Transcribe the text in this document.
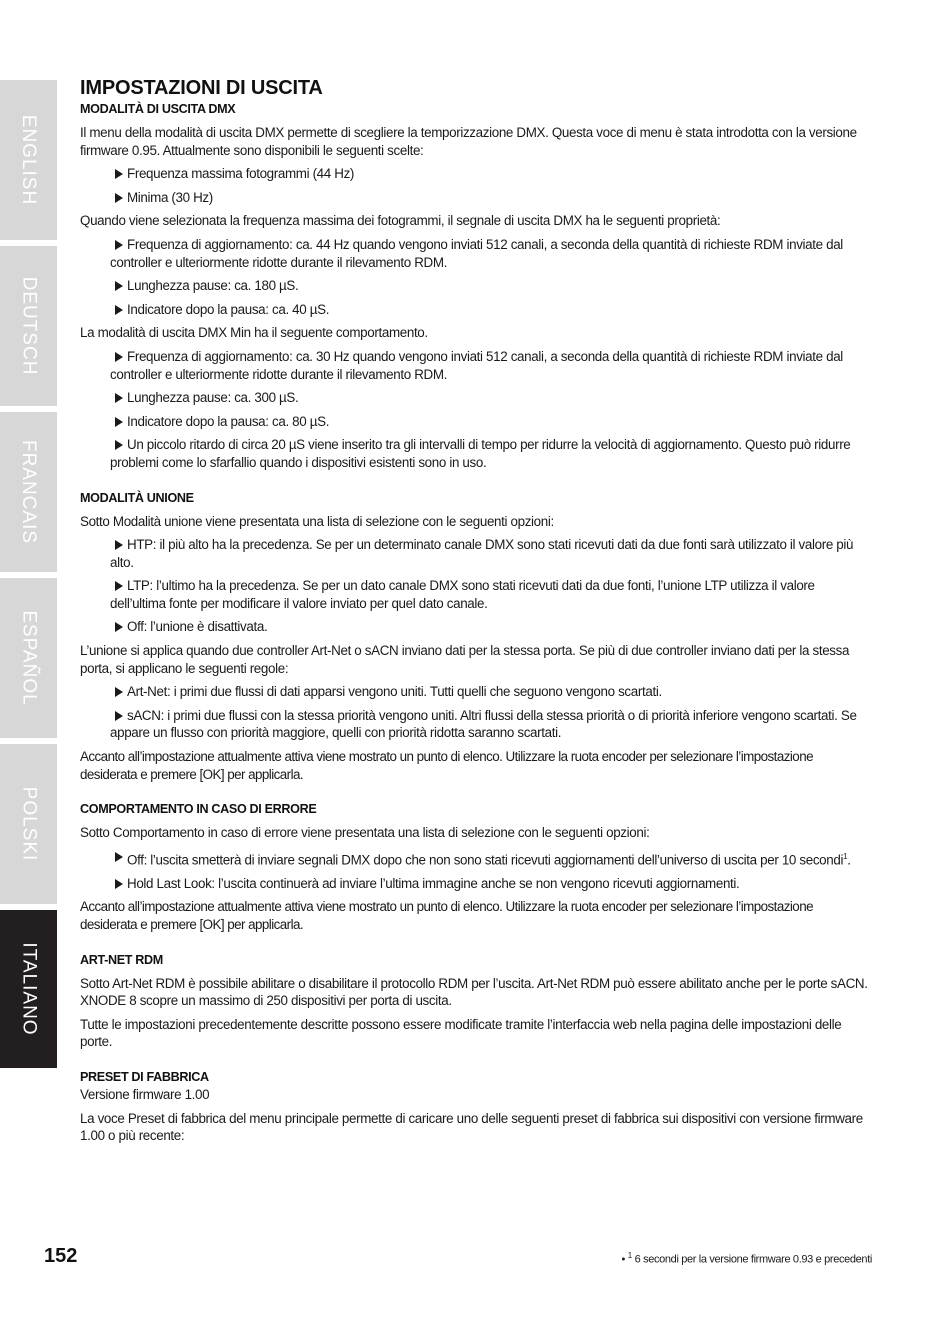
ENGLISH
DEUTSCH
FRANCAIS
ESPAÑOL
POLSKI
ITALIANO
IMPOSTAZIONI DI USCITA
MODALITÀ DI USCITA DMX

Il menu della modalità di uscita DMX permette di scegliere la temporizzazione DMX. Questa voce di menu è stata introdotta con la versione firmware 0.95. Attualmente sono disponibili le seguenti scelte:

Frequenza massima fotogrammi (44 Hz)
Minima (30 Hz)

Quando viene selezionata la frequenza massima dei fotogrammi, il segnale di uscita DMX ha le seguenti proprietà:

Frequenza di aggiornamento: ca. 44 Hz quando vengono inviati 512 canali, a seconda della quantità di richieste RDM inviate dal controller e ulteriormente ridotte durante il rilevamento RDM.
Lunghezza pause: ca. 180 µS.
Indicatore dopo la pausa: ca. 40 µS.

La modalità di uscita DMX Min ha il seguente comportamento.

Frequenza di aggiornamento: ca. 30 Hz quando vengono inviati 512 canali, a seconda della quantità di richieste RDM inviate dal controller e ulteriormente ridotte durante il rilevamento RDM.
Lunghezza pause: ca. 300 µS.
Indicatore dopo la pausa: ca. 80 µS.
Un piccolo ritardo di circa 20 µS viene inserito tra gli intervalli di tempo per ridurre la velocità di aggiornamento. Questo può ridurre problemi come lo sfarfallio quando i dispositivi esistenti sono in uso.
MODALITÀ UNIONE

Sotto Modalità unione viene presentata una lista di selezione con le seguenti opzioni:

HTP: il più alto ha la precedenza. Se per un determinato canale DMX sono stati ricevuti dati da due fonti sarà utilizzato il valore più alto.
LTP: l’ultimo ha la precedenza. Se per un dato canale DMX sono stati ricevuti dati da due fonti, l’unione LTP utilizza il valore dell’ultima fonte per modificare il valore inviato per quel dato canale.
Off: l’unione è disattivata.

L’unione si applica quando due controller Art-Net o sACN inviano dati per la stessa porta. Se più di due controller inviano dati per la stessa porta, si applicano le seguenti regole:

Art-Net: i primi due flussi di dati apparsi vengono uniti. Tutti quelli che seguono vengono scartati.
sACN: i primi due flussi con la stessa priorità vengono uniti. Altri flussi della stessa priorità o di priorità inferiore vengono scartati. Se appare un flusso con priorità maggiore, quelli con priorità ridotta saranno scartati.

Accanto all’impostazione attualmente attiva viene mostrato un punto di elenco. Utilizzare la ruota encoder per selezionare l’impostazione desiderata e premere [OK] per applicarla.

COMPORTAMENTO IN CASO DI ERRORE

Sotto Comportamento in caso di errore viene presentata una lista di selezione con le seguenti opzioni:

Off: l’uscita smetterà di inviare segnali DMX dopo che non sono stati ricevuti aggiornamenti dell’universo di uscita per 10 secondi$^1$.
Hold Last Look: l’uscita continuerà ad inviare l’ultima immagine anche se non vengono ricevuti aggiornamenti.

Accanto all’impostazione attualmente attiva viene mostrato un punto di elenco. Utilizzare la ruota encoder per selezionare l’impostazione desiderata e premere [OK] per applicarla.

ART-NET RDM

Sotto Art-Net RDM è possibile abilitare o disabilitare il protocollo RDM per l’uscita. Art-Net RDM può essere abilitato anche per le porte sACN. XNODE 8 scopre un massimo di 250 dispositivi per porta di uscita.

Tutte le impostazioni precedentemente descritte possono essere modificate tramite l’interfaccia web nella pagina delle impostazioni delle porte.

PRESET DI FABBRICA

Versione firmware 1.00

La voce Preset di fabbrica del menu principale permette di caricare uno delle seguenti preset di fabbrica sui dispositivi con versione firmware 1.00 o più recente:

152	• $^1$ 6 secondi per la versione firmware 0.93 e precedenti
